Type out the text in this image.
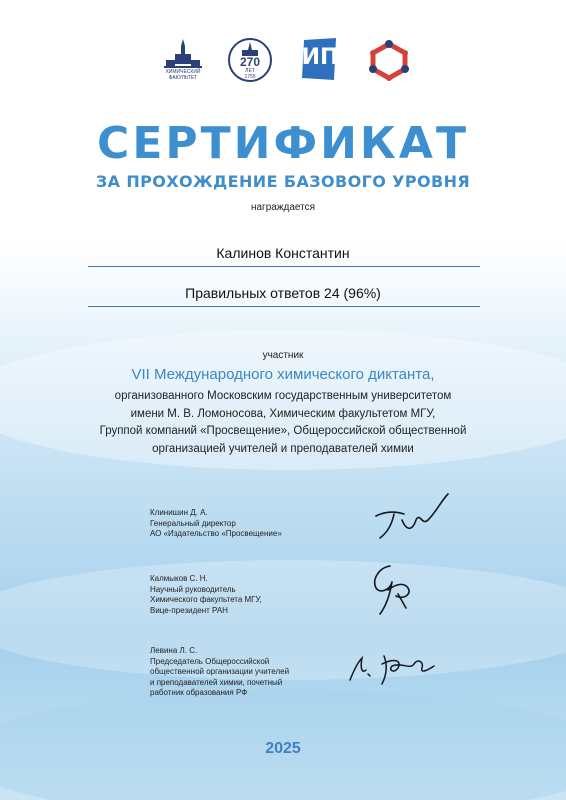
ХИМИЧЕСКИЙ
ФАКУЛЬТЕТ
270
ЛЕТ
1755
ИП
СЕРТИФИКАТ
ЗА ПРОХОЖДЕНИЕ БАЗОВОГО УРОВНЯ
награждается
Калинов Константин
Правильных ответов 24 (96%)
участник
VII Международного химического диктанта,
организованного Московским государственным университетом
имени М. В. Ломоносова, Химическим факультетом МГУ,
Группой компаний «Просвещение», Общероссийской общественной
организацией учителей и преподавателей химии
Клинишин Д. А.
Генеральный директор
АО «Издательство «Просвещение»
Калмыков С. Н.
Научный руководитель
Химического факультета МГУ,
Вице-президент РАН
Левина Л. С.
Председатель Общероссийской
общественной организации учителей
и преподавателей химии, почетный
работник образования РФ
2025
